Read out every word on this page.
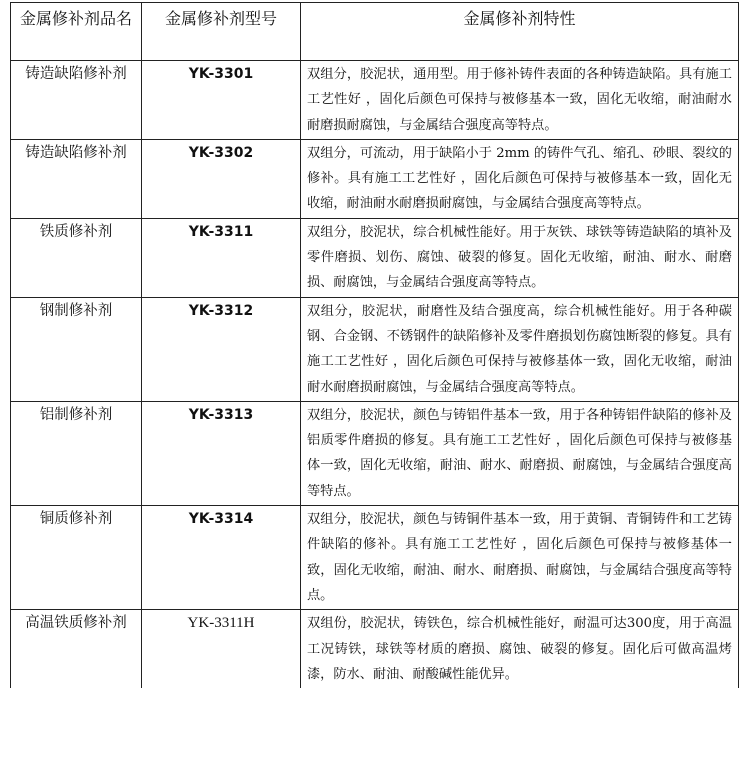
金属修补剂品名	金属修补剂型号	金属修补剂特性

铸造缺陷修补剂	YK-3301	双组分，胶泥状，通用型。用于修补铸件表面的各种铸造缺陷。具有施工工艺性好 ，固化后颜色可保持与被修基本一致，固化无收缩，耐油耐水耐磨损耐腐蚀，与金属结合强度高等特点。
铸造缺陷修补剂	YK-3302	双组分，可流动，用于缺陷小于 2mm 的铸件气孔、缩孔、砂眼、裂纹的修补。具有施工工艺性好 ，固化后颜色可保持与被修基本一致，固化无收缩，耐油耐水耐磨损耐腐蚀，与金属结合强度高等特点。
铁质修补剂	YK-3311	双组分，胶泥状，综合机械性能好。用于灰铁、球铁等铸造缺陷的填补及零件磨损、划伤、腐蚀、破裂的修复。固化无收缩，耐油、耐水、耐磨损、耐腐蚀，与金属结合强度高等特点。
钢制修补剂	YK-3312	双组分，胶泥状，耐磨性及结合强度高，综合机械性能好。用于各种碳钢、合金钢、不锈钢件的缺陷修补及零件磨损划伤腐蚀断裂的修复。具有施工工艺性好 ，固化后颜色可保持与被修基体一致，固化无收缩，耐油耐水耐磨损耐腐蚀，与金属结合强度高等特点。
铝制修补剂	YK-3313	双组分，胶泥状，颜色与铸铝件基本一致，用于各种铸铝件缺陷的修补及铝质零件磨损的修复。具有施工工艺性好 ，固化后颜色可保持与被修基体一致，固化无收缩，耐油、耐水、耐磨损、耐腐蚀，与金属结合强度高等特点。
铜质修补剂	YK-3314	双组分，胶泥状，颜色与铸铜件基本一致，用于黄铜、青铜铸件和工艺铸件缺陷的修补。具有施工工艺性好 ，固化后颜色可保持与被修基体一致，固化无收缩，耐油、耐水、耐磨损、耐腐蚀，与金属结合强度高等特点。
高温铁质修补剂	YK-3311H	双组份，胶泥状，铸铁色，综合机械性能好，耐温可达300度，用于高温工况铸铁，球铁等材质的磨损、腐蚀、破裂的修复。固化后可做高温烤漆，防水、耐油、耐酸碱性能优异。
